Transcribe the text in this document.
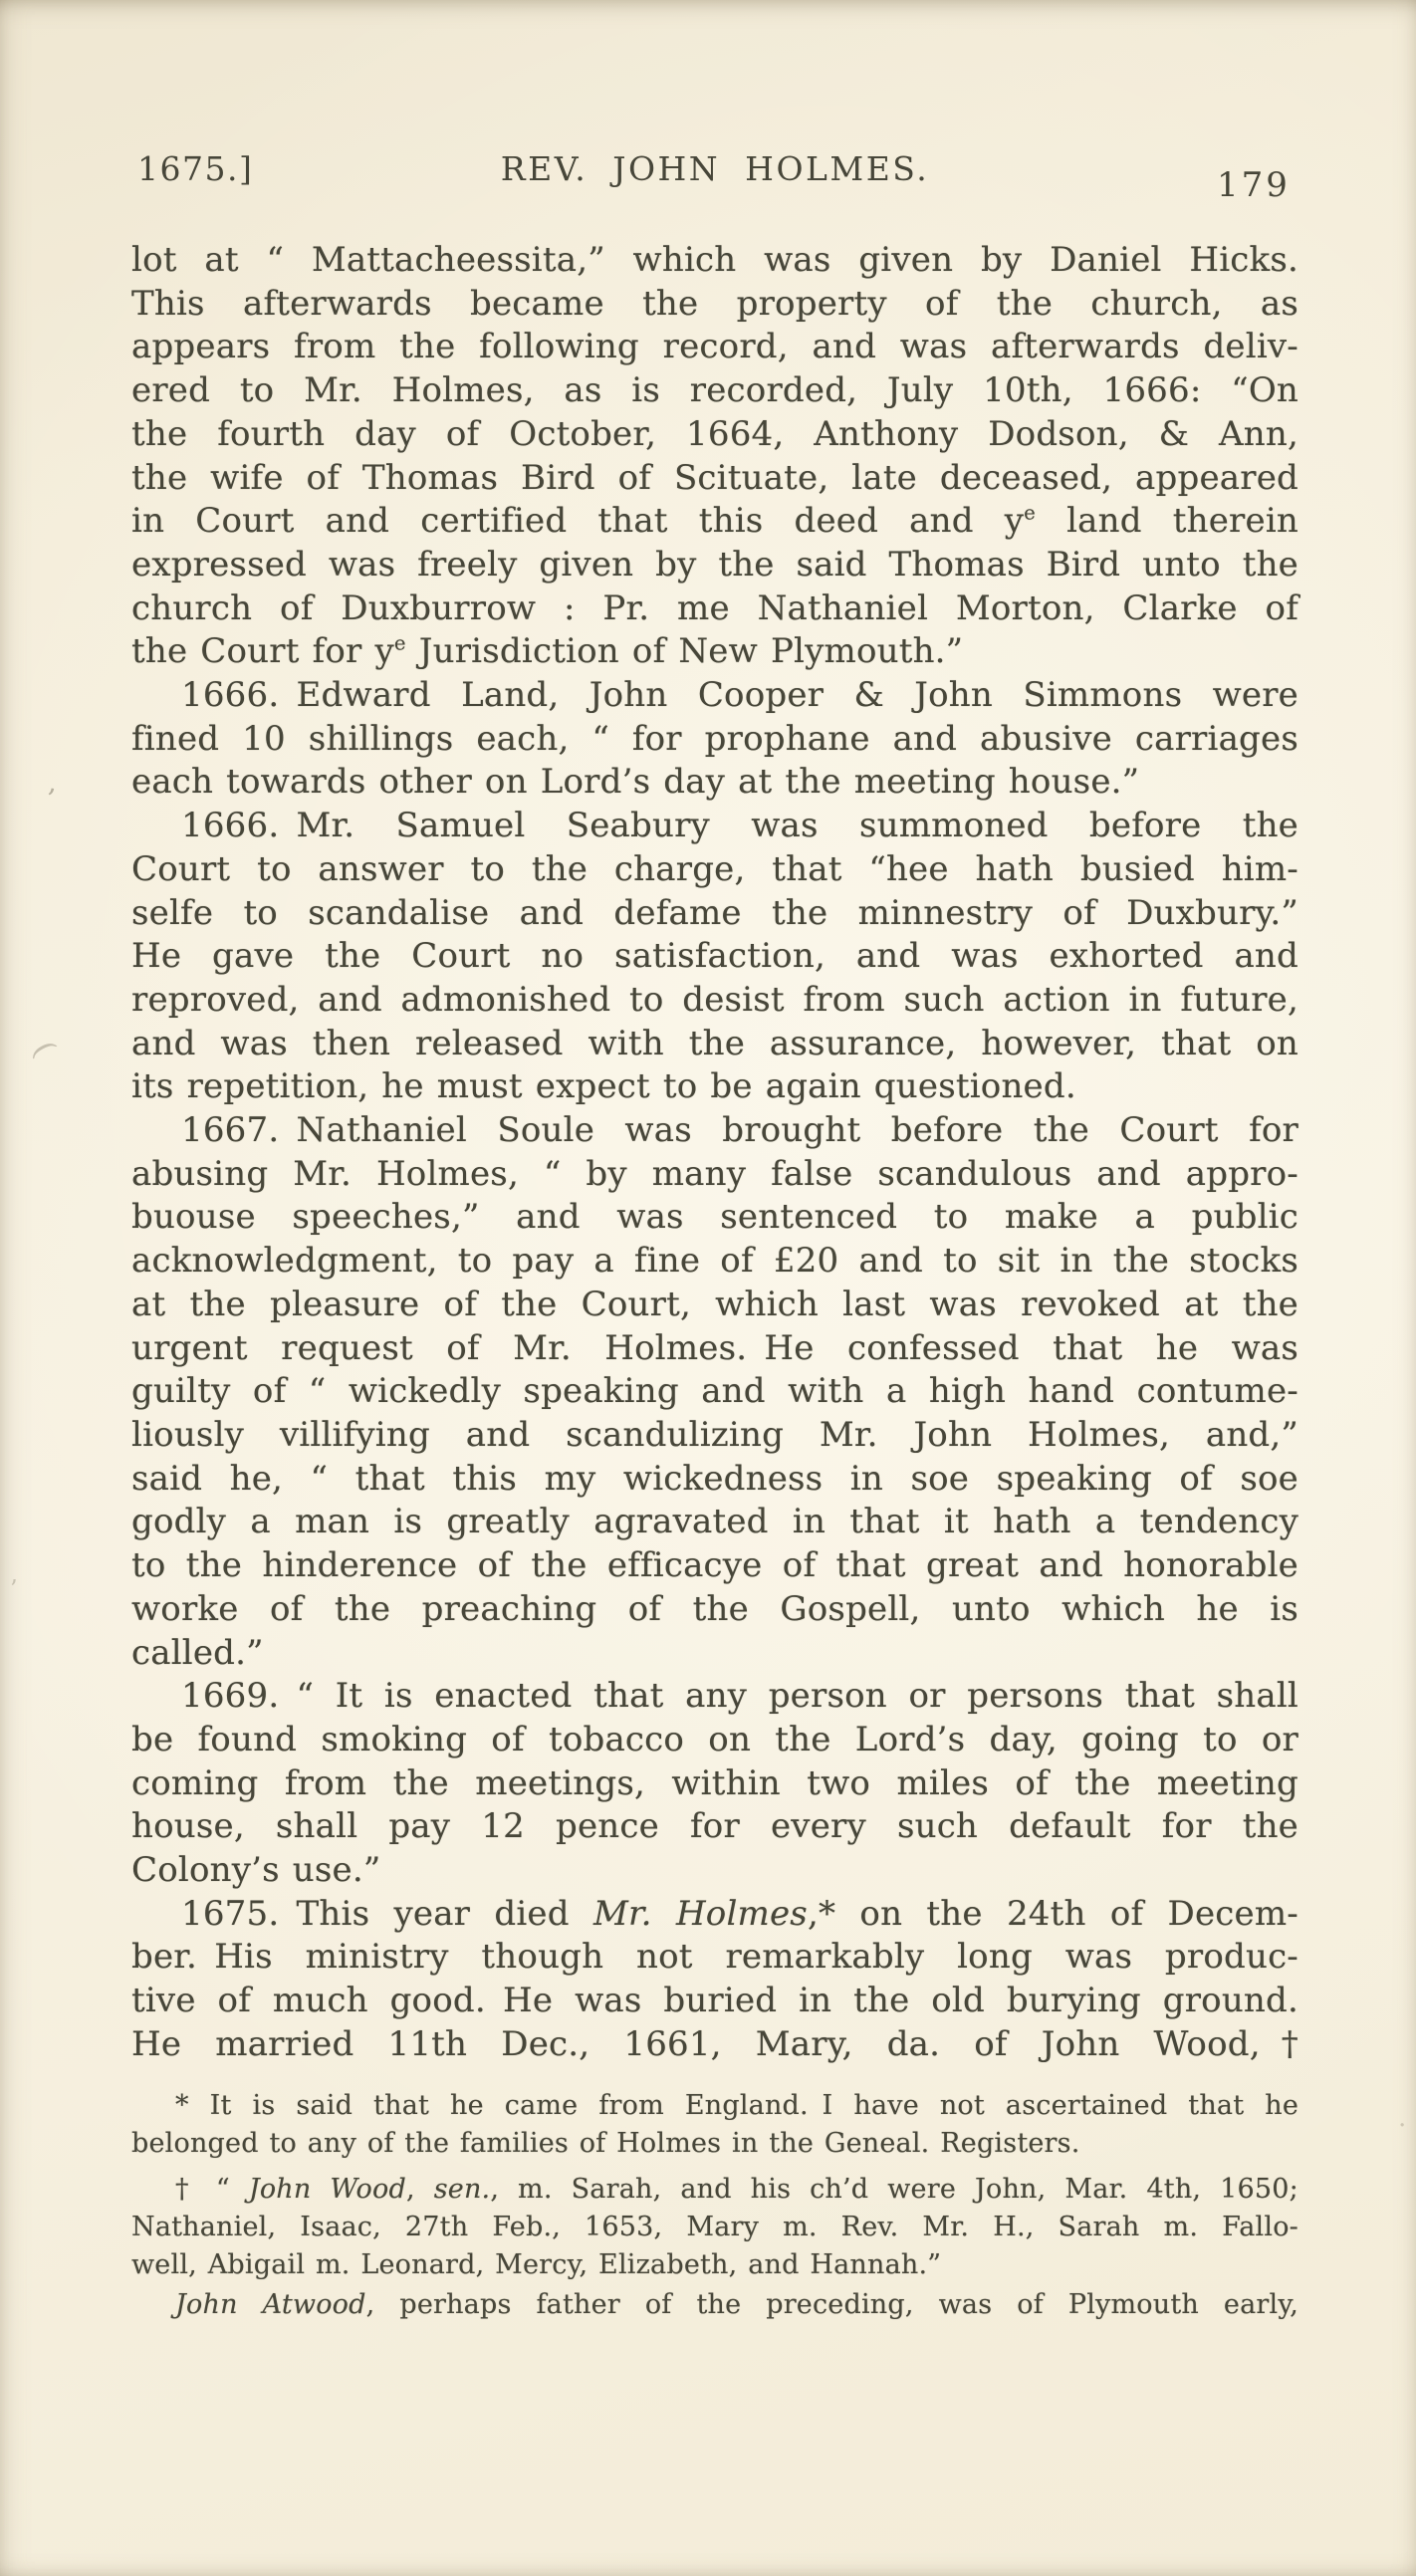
1675.]	REV. JOHN HOLMES.	179
lot at “ Mattacheessita,” which was given by Daniel Hicks.
This afterwards became the property of the church, as
appears from the following record, and was afterwards deliv-
ered to Mr. Holmes, as is recorded, July 10th, 1666: “On
the fourth day of October, 1664, Anthony Dodson, & Ann,
the wife of Thomas Bird of Scituate, late deceased, appeared
in Court and certified that this deed and $y^e$ land therein
expressed was freely given by the said Thomas Bird unto the
church of Duxburrow : Pr. me Nathaniel Morton, Clarke of
the Court for $y^e$ Jurisdiction of New Plymouth.”
1666. Edward Land, John Cooper & John Simmons were
fined 10 shillings each, “ for prophane and abusive carriages
each towards other on Lord’s day at the meeting house.”
1666. Mr. Samuel Seabury was summoned before the
Court to answer to the charge, that “hee hath busied him-
selfe to scandalise and defame the minnestry of Duxbury.”
He gave the Court no satisfaction, and was exhorted and
reproved, and admonished to desist from such action in future,
and was then released with the assurance, however, that on
its repetition, he must expect to be again questioned.
1667. Nathaniel Soule was brought before the Court for
abusing Mr. Holmes, “ by many false scandulous and appro-
buouse speeches,” and was sentenced to make a public
acknowledgment, to pay a fine of £20 and to sit in the stocks
at the pleasure of the Court, which last was revoked at the
urgent request of Mr. Holmes. He confessed that he was
guilty of “ wickedly speaking and with a high hand contume-
liously villifying and scandulizing Mr. John Holmes, and,”
said he, “ that this my wickedness in soe speaking of soe
godly a man is greatly agravated in that it hath a tendency
to the hinderence of the efficacye of that great and honorable
worke of the preaching of the Gospell, unto which he is
called.”
1669. “ It is enacted that any person or persons that shall
be found smoking of tobacco on the Lord’s day, going to or
coming from the meetings, within two miles of the meeting
house, shall pay 12 pence for every such default for the
Colony’s use.”
1675. This year died Mr. Holmes,* on the 24th of Decem-
ber. His ministry though not remarkably long was produc-
tive of much good. He was buried in the old burying ground.
He married 11th Dec., 1661, Mary, da. of John Wood,†
* It is said that he came from England. I have not ascertained that he
belonged to any of the families of Holmes in the Geneal. Registers.
† “ John Wood, sen., m. Sarah, and his ch’d were John, Mar. 4th, 1650;
Nathaniel, Isaac, 27th Feb., 1653, Mary m. Rev. Mr. H., Sarah m. Fallo-
well, Abigail m. Leonard, Mercy, Elizabeth, and Hannah.”
John Atwood, perhaps father of the preceding, was of Plymouth early,
’
(
’
.
